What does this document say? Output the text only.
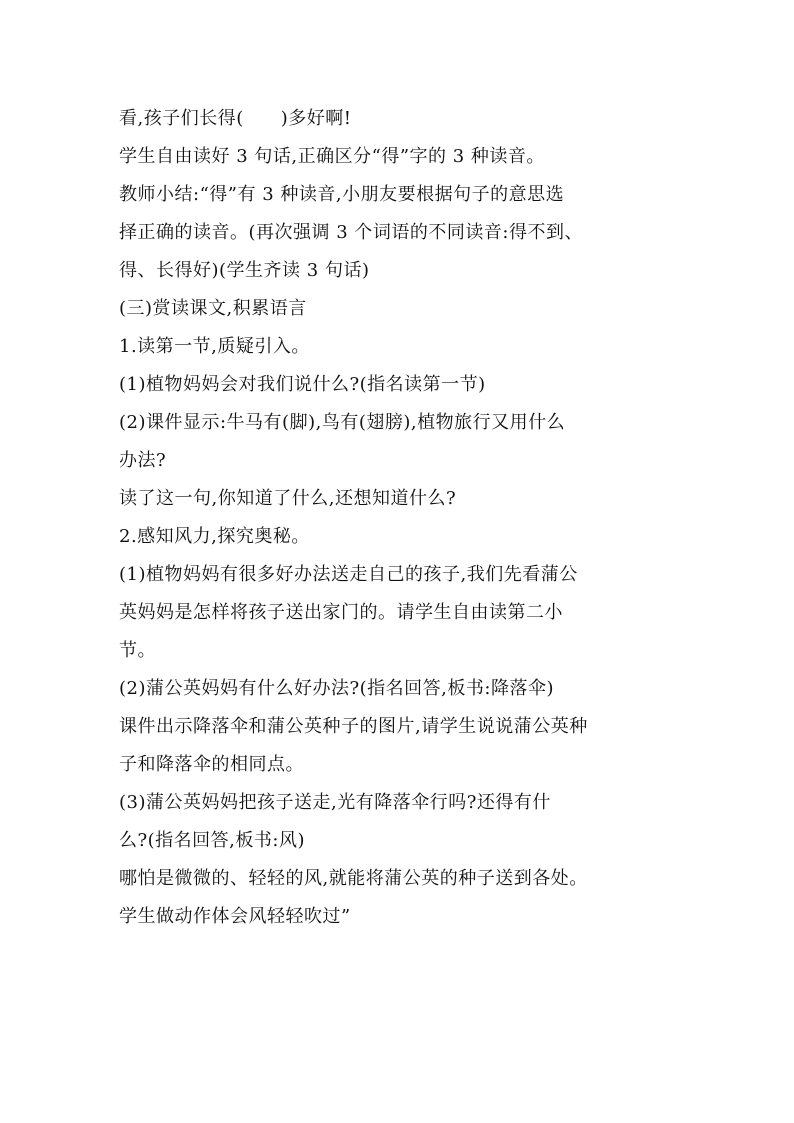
看,孩子们长得(　　)多好啊!
学生自由读好 3 句话,正确区分“得”字的 3 种读音。
教师小结:“得”有 3 种读音,小朋友要根据句子的意思选
择正确的读音。(再次强调 3 个词语的不同读音:得不到、
得、长得好)(学生齐读 3 句话)
(三)赏读课文,积累语言
1.读第一节,质疑引入。
(1)植物妈妈会对我们说什么?(指名读第一节)
(2)课件显示:牛马有(脚),鸟有(翅膀),植物旅行又用什么
办法?
读了这一句,你知道了什么,还想知道什么?
2.感知风力,探究奥秘。
(1)植物妈妈有很多好办法送走自己的孩子,我们先看蒲公
英妈妈是怎样将孩子送出家门的。请学生自由读第二小
节。
(2)蒲公英妈妈有什么好办法?(指名回答,板书:降落伞)
课件出示降落伞和蒲公英种子的图片,请学生说说蒲公英种
子和降落伞的相同点。
(3)蒲公英妈妈把孩子送走,光有降落伞行吗?还得有什
么?(指名回答,板书:风)
哪怕是微微的、轻轻的风,就能将蒲公英的种子送到各处。
学生做动作体会风轻轻吹过”
